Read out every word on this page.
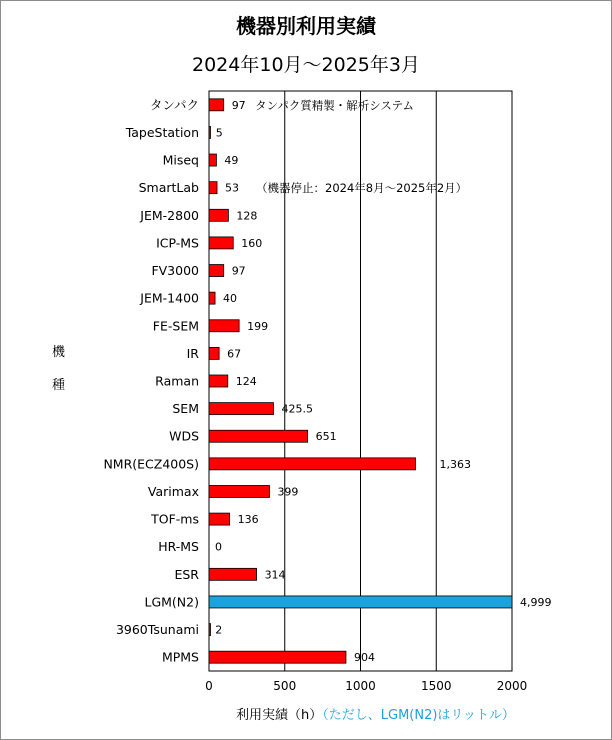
機器別利用実績
2024年10月～2025年3月
0	500	1000	1500	2000
タンパク	97
TapeStation 5
Miseq 49
SmartLab 53
JEM-2800	128
ICP-MS	160
FV3000	97
JEM-1400 40
FE-SEM	199
IR	67
Raman	124
SEM	425.5
WDS	651
NMR(ECZ400S)	1,363
Varimax	399
TOF-ms	136
HR-MS 0
ESR	314
LGM(N2)	4,999
3960Tsunami 2
MPMS	904
タンパク質精製・解析システム
（機器停止：2024年8月～2025年2月）
機
種
利用実績（h）（ただし、LGM(N2)はリットル）
